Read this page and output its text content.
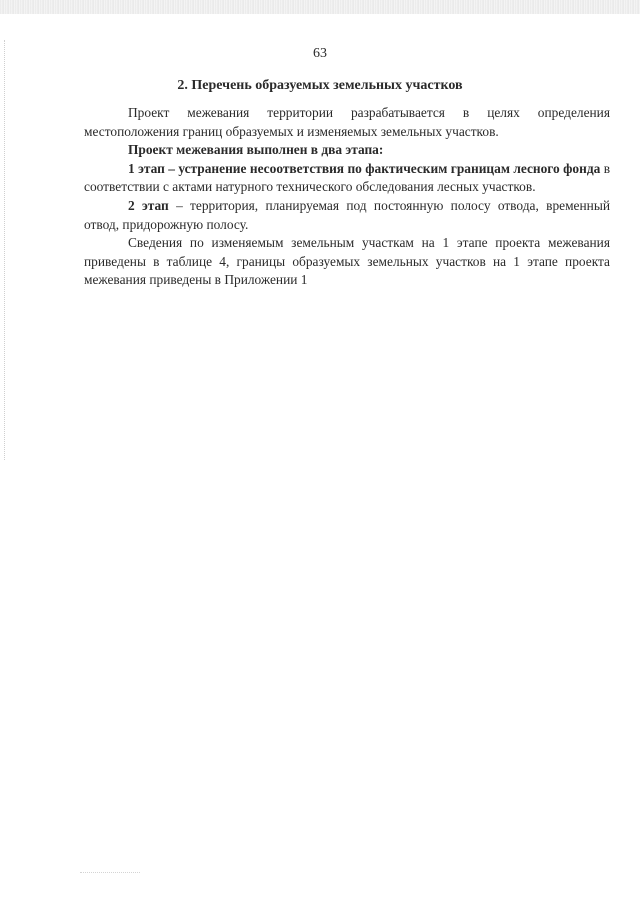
63
2. Перечень образуемых земельных участков

Проект межевания территории разрабатывается в целях определения местоположения границ образуемых и изменяемых земельных участков.

Проект межевания выполнен в два этапа:

1 этап – устранение несоответствия по фактическим границам лесного фонда в соответствии с актами натурного технического обследования лесных участков.

2 этап – территория, планируемая под постоянную полосу отвода, временный отвод, придорожную полосу.

Сведения по изменяемым земельным участкам на 1 этапе проекта межевания приведены в таблице 4, границы образуемых земельных участков на 1 этапе проекта межевания приведены в Приложении 1
